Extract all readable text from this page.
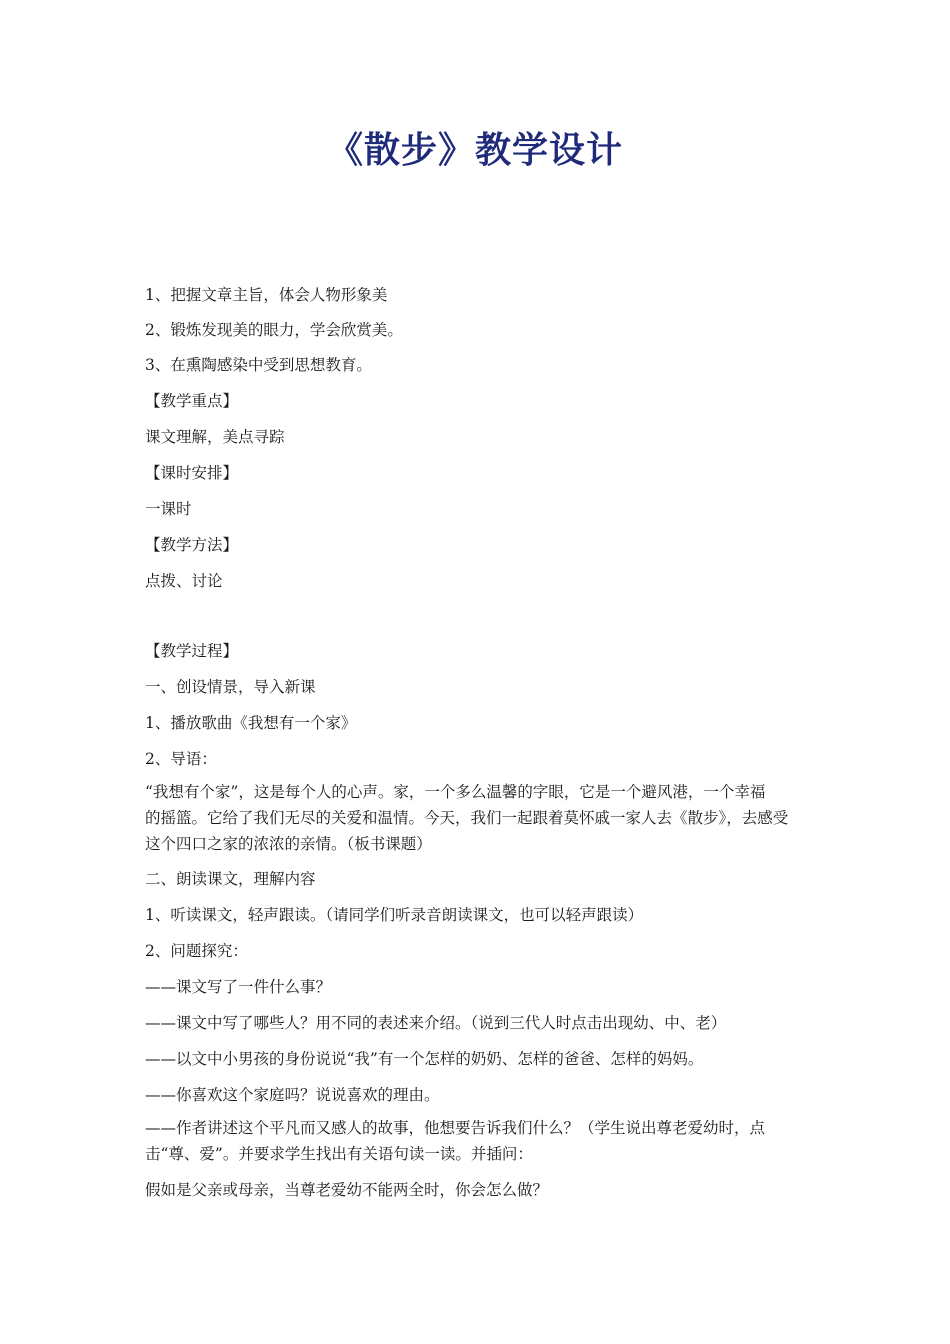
《散步》教学设计
1、把握文章主旨，体会人物形象美
2、锻炼发现美的眼力，学会欣赏美。
3、在熏陶感染中受到思想教育。
【教学重点】
课文理解，美点寻踪
【课时安排】
一课时
【教学方法】
点拨、讨论
【教学过程】
一、创设情景，导入新课
1、播放歌曲《我想有一个家》
2、导语：
“我想有个家”，这是每个人的心声。家，一个多么温馨的字眼，它是一个避风港，一个幸福
的摇篮。它给了我们无尽的关爱和温情。今天，我们一起跟着莫怀戚一家人去《散步》，去感受
这个四口之家的浓浓的亲情。（板书课题）
二、朗读课文，理解内容
1、听读课文，轻声跟读。（请同学们听录音朗读课文，也可以轻声跟读）
2、问题探究：
——课文写了一件什么事？
——课文中写了哪些人？用不同的表述来介绍。（说到三代人时点击出现幼、中、老）
——以文中小男孩的身份说说“我”有一个怎样的奶奶、怎样的爸爸、怎样的妈妈。
——你喜欢这个家庭吗？说说喜欢的理由。
——作者讲述这个平凡而又感人的故事，他想要告诉我们什么？（学生说出尊老爱幼时，点
击“尊、爱”。并要求学生找出有关语句读一读。并插问：
假如是父亲或母亲，当尊老爱幼不能两全时，你会怎么做？
